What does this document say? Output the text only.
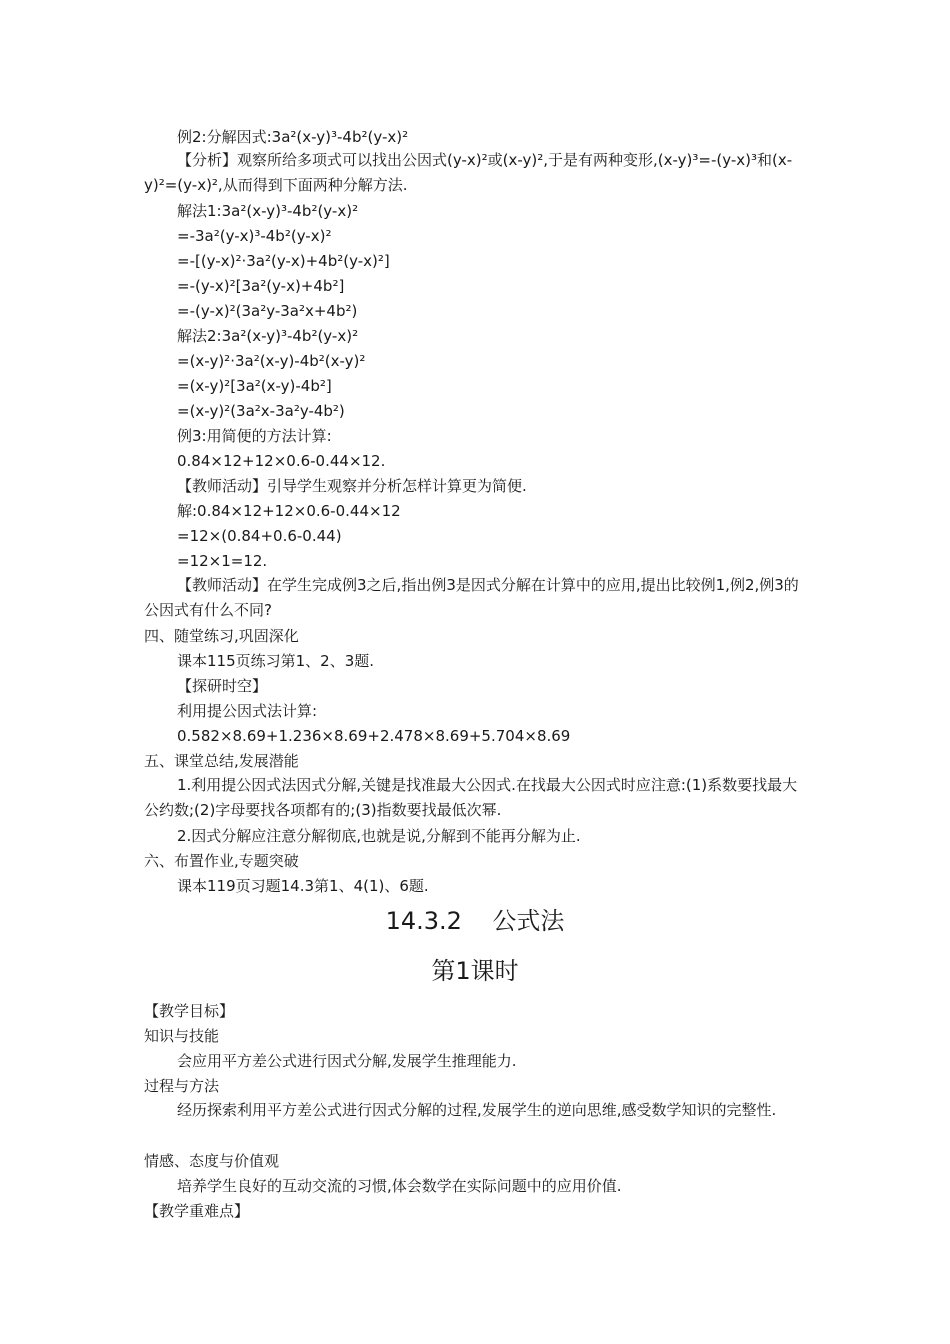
例2:分解因式:3a²(x-y)³-4b²(y-x)²
【分析】观察所给多项式可以找出公因式(y-x)²或(x-y)²,于是有两种变形,(x-y)³=-(y-x)³和(x-y)²=(y-x)²,从而得到下面两种分解方法.
解法1:3a²(x-y)³-4b²(y-x)²
=-3a²(y-x)³-4b²(y-x)²
=-[(y-x)²·3a²(y-x)+4b²(y-x)²]
=-(y-x)²[3a²(y-x)+4b²]
=-(y-x)²(3a²y-3a²x+4b²)
解法2:3a²(x-y)³-4b²(y-x)²
=(x-y)²·3a²(x-y)-4b²(x-y)²
=(x-y)²[3a²(x-y)-4b²]
=(x-y)²(3a²x-3a²y-4b²)
例3:用简便的方法计算:
0.84×12+12×0.6-0.44×12.
【教师活动】引导学生观察并分析怎样计算更为简便.
解:0.84×12+12×0.6-0.44×12
=12×(0.84+0.6-0.44)
=12×1=12.
【教师活动】在学生完成例3之后,指出例3是因式分解在计算中的应用,提出比较例1,例2,例3的公因式有什么不同?
四、随堂练习,巩固深化
课本115页练习第1、2、3题.
【探研时空】
利用提公因式法计算:
0.582×8.69+1.236×8.69+2.478×8.69+5.704×8.69
五、课堂总结,发展潜能
1.利用提公因式法因式分解,关键是找准最大公因式.在找最大公因式时应注意:(1)系数要找最大公约数;(2)字母要找各项都有的;(3)指数要找最低次幂.
2.因式分解应注意分解彻底,也就是说,分解到不能再分解为止.
六、布置作业,专题突破
课本119页习题14.3第1、4(1)、6题.
14.3.2    公式法
第1课时
【教学目标】
知识与技能
会应用平方差公式进行因式分解,发展学生推理能力.
过程与方法
经历探索利用平方差公式进行因式分解的过程,发展学生的逆向思维,感受数学知识的完整性.
情感、态度与价值观
培养学生良好的互动交流的习惯,体会数学在实际问题中的应用价值.
【教学重难点】
